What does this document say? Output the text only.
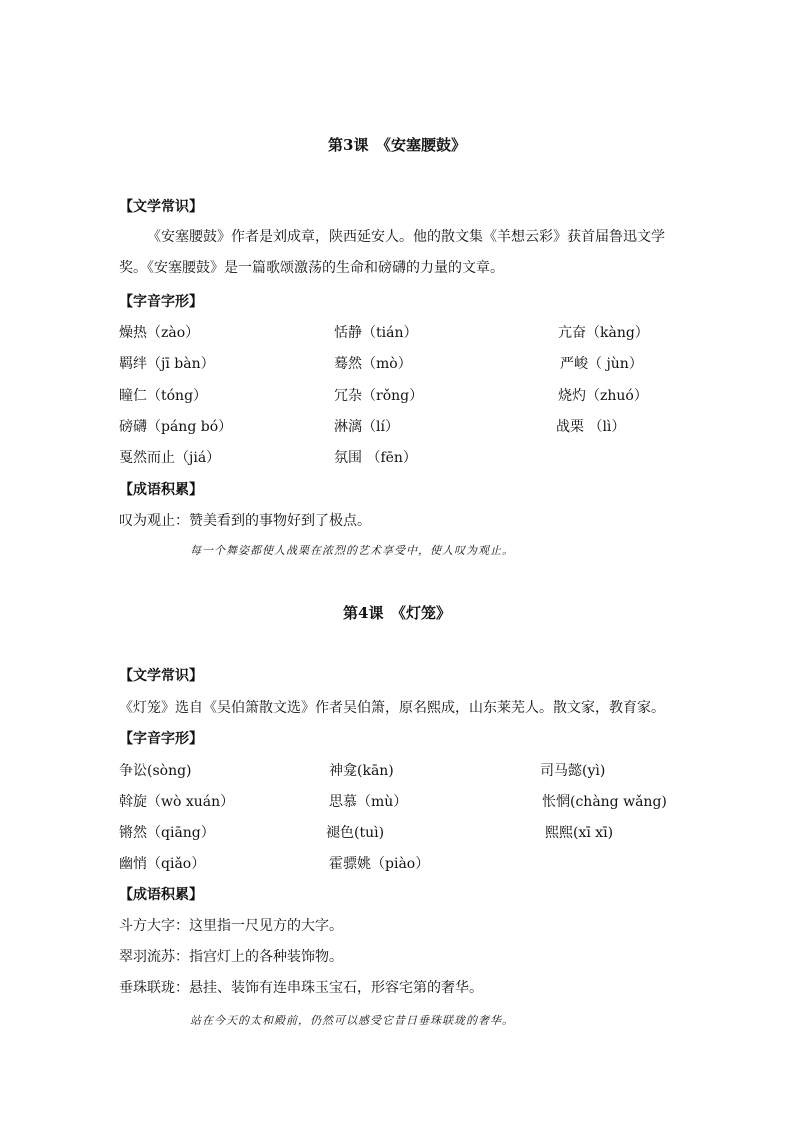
第3课　《安塞腰鼓》
【文学常识】
《安塞腰鼓》作者是刘成章，陕西延安人。他的散文集《羊想云彩》获首届鲁迅文学奖。《安塞腰鼓》是一篇歌颂激荡的生命和磅礴的力量的文章。
【字音字形】
燥热（zào）	恬静（tián）	亢奋（kàng）
羁绊（jī bàn）	蓦然（mò）	严峻（ jùn）
瞳仁（tóng）	冗杂（rǒng）	烧灼（zhuó）
磅礴（páng bó）	淋漓（lí）	战栗 （lì）
戛然而止（jiá）	氛围 （fēn）
【成语积累】
叹为观止：赞美看到的事物好到了极点。
每一个舞姿都使人战栗在浓烈的艺术享受中，使人叹为观止。
第4课　《灯笼》
【文学常识】
《灯笼》选自《吴伯箫散文选》作者吴伯箫，原名熙成，山东莱芜人。散文家，教育家。
【字音字形】
争讼(sòng)	神龛(kān)	司马懿(yì)
斡旋（wò xuán）	思慕（mù）	怅惘(chàng wǎng)
锵然（qiāng）	褪色(tuì)	熙熙(xī xī)
幽悄（qiǎo）	霍骠姚（piào）
【成语积累】
斗方大字：这里指一尺见方的大字。
翠羽流苏：指宫灯上的各种装饰物。
垂珠联珑：悬挂、装饰有连串珠玉宝石，形容宅第的奢华。
站在今天的太和殿前，仍然可以感受它昔日垂珠联珑的奢华。
